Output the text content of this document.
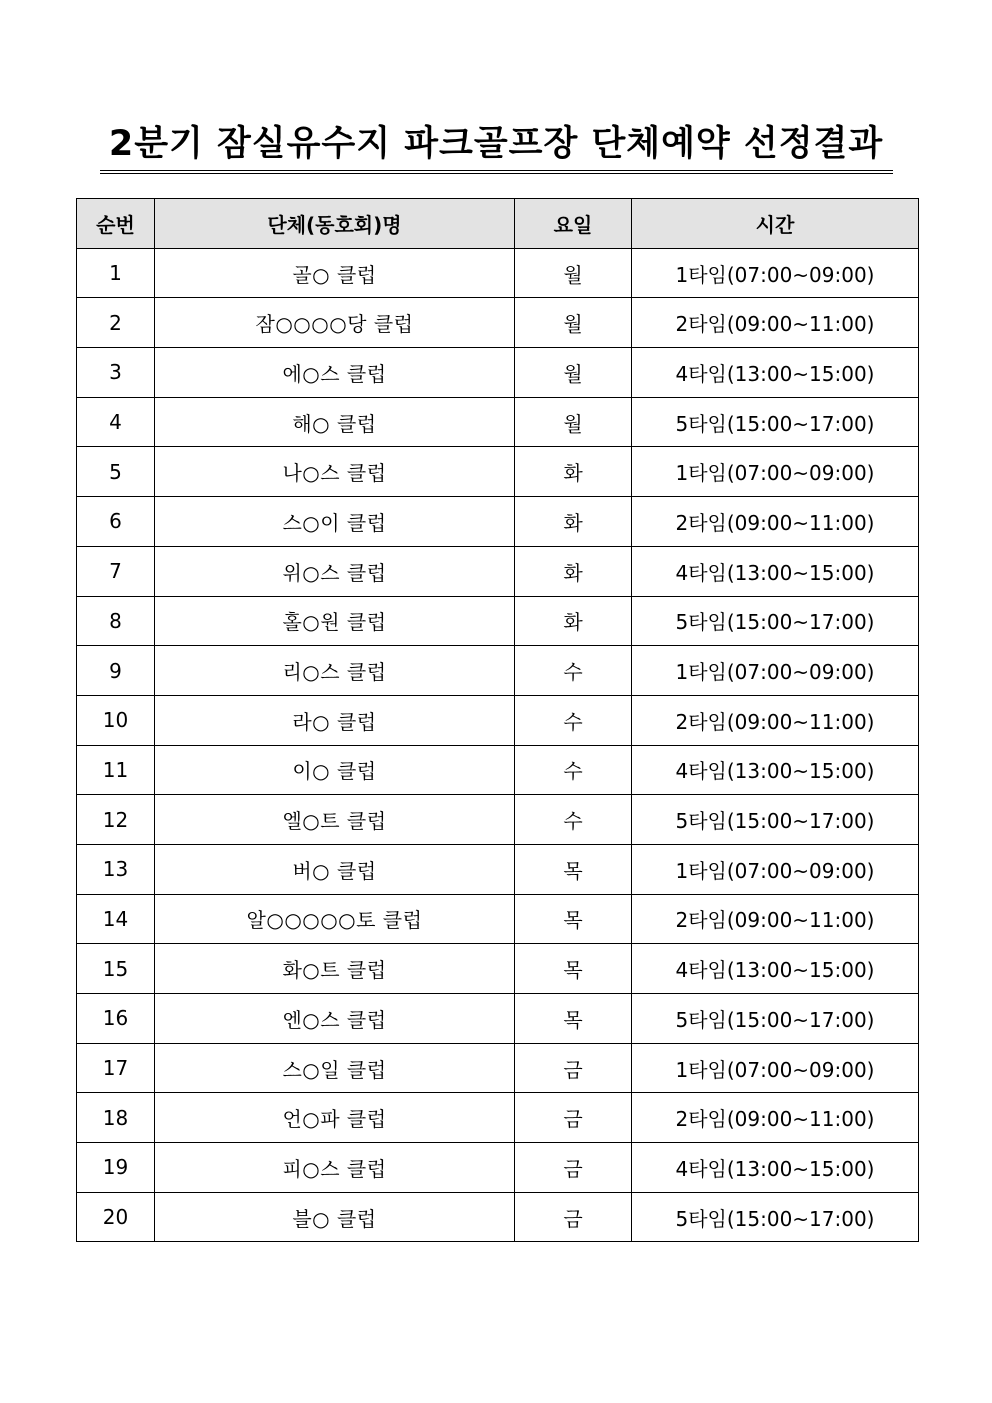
2분기 잠실유수지 파크골프장 단체예약 선정결과
순번	단체(동호회)명	요일	시간
1	골○ 클럽	월	1타임(07:00~09:00)
2	잠○○○○당 클럽	월	2타임(09:00~11:00)
3	에○스 클럽	월	4타임(13:00~15:00)
4	해○ 클럽	월	5타임(15:00~17:00)
5	나○스 클럽	화	1타임(07:00~09:00)
6	스○이 클럽	화	2타임(09:00~11:00)
7	위○스 클럽	화	4타임(13:00~15:00)
8	홀○원 클럽	화	5타임(15:00~17:00)
9	리○스 클럽	수	1타임(07:00~09:00)
10	라○ 클럽	수	2타임(09:00~11:00)
11	이○ 클럽	수	4타임(13:00~15:00)
12	엘○트 클럽	수	5타임(15:00~17:00)
13	버○ 클럽	목	1타임(07:00~09:00)
14	알○○○○○토 클럽	목	2타임(09:00~11:00)
15	화○트 클럽	목	4타임(13:00~15:00)
16	엔○스 클럽	목	5타임(15:00~17:00)
17	스○일 클럽	금	1타임(07:00~09:00)
18	언○파 클럽	금	2타임(09:00~11:00)
19	피○스 클럽	금	4타임(13:00~15:00)
20	블○ 클럽	금	5타임(15:00~17:00)
